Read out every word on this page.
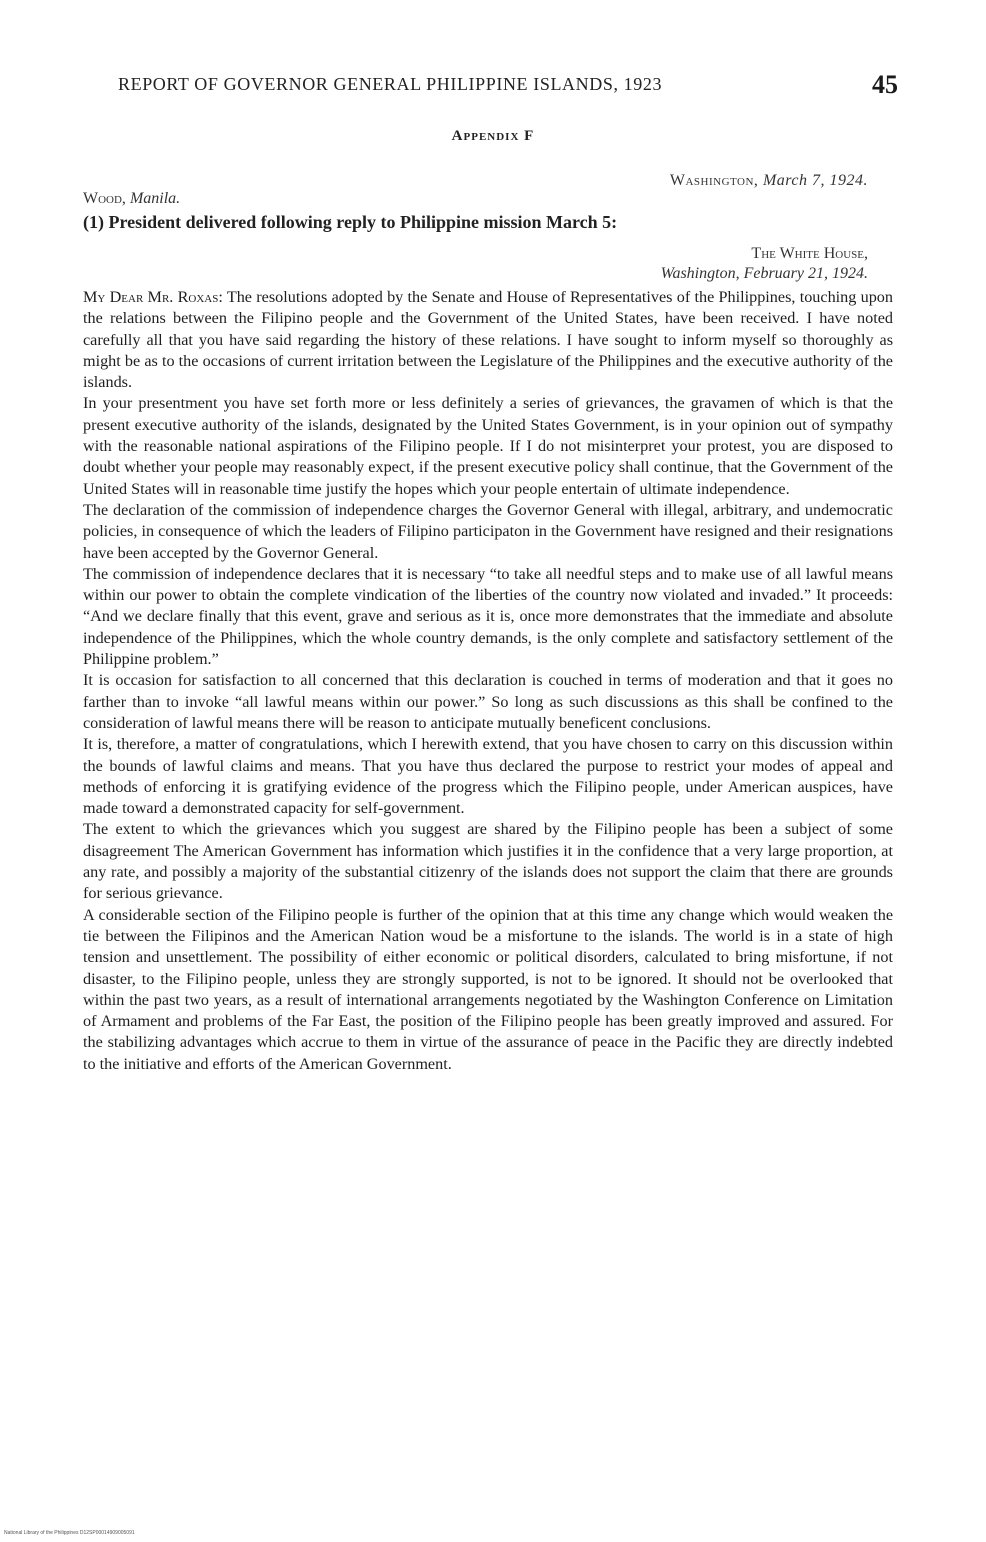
REPORT OF GOVERNOR GENERAL PHILIPPINE ISLANDS, 1923	45
Appendix F
Washington, March 7, 1924.
Wood, Manila.
(1) President delivered following reply to Philippine mission March 5:
The White House,
Washington, February 21, 1924.

My Dear Mr. Roxas: The resolutions adopted by the Senate and House of Representatives of the Philippines, touching upon the relations between the Filipino people and the Government of the United States, have been received. I have noted carefully all that you have said regarding the history of these relations. I have sought to inform myself so thoroughly as might be as to the occasions of current irritation between the Legislature of the Philippines and the executive authority of the islands.

In your presentment you have set forth more or less definitely a series of grievances, the gravamen of which is that the present executive authority of the islands, designated by the United States Government, is in your opinion out of sympathy with the reasonable national aspirations of the Filipino people. If I do not misinterpret your protest, you are disposed to doubt whether your people may reasonably expect, if the present executive policy shall continue, that the Government of the United States will in reasonable time justify the hopes which your people entertain of ultimate independence.

The declaration of the commission of independence charges the Governor General with illegal, arbitrary, and undemocratic policies, in consequence of which the leaders of Filipino participaton in the Government have resigned and their resignations have been accepted by the Governor General.

The commission of independence declares that it is necessary “to take all needful steps and to make use of all lawful means within our power to obtain the complete vindication of the liberties of the country now violated and invaded.” It proceeds: “And we declare finally that this event, grave and serious as it is, once more demonstrates that the immediate and absolute independence of the Philippines, which the whole country demands, is the only complete and satisfactory settlement of the Philippine problem.”

It is occasion for satisfaction to all concerned that this declaration is couched in terms of moderation and that it goes no farther than to invoke “all lawful means within our power.” So long as such discussions as this shall be confined to the consideration of lawful means there will be reason to anticipate mutually beneficent conclusions.

It is, therefore, a matter of congratulations, which I herewith extend, that you have chosen to carry on this discussion within the bounds of lawful claims and means. That you have thus declared the purpose to restrict your modes of appeal and methods of enforcing it is gratifying evidence of the progress which the Filipino people, under American auspices, have made toward a demonstrated capacity for self-government.

The extent to which the grievances which you suggest are shared by the Filipino people has been a subject of some disagreement The American Government has information which justifies it in the confidence that a very large proportion, at any rate, and possibly a majority of the substantial citizenry of the islands does not support the claim that there are grounds for serious grievance.

A considerable section of the Filipino people is further of the opinion that at this time any change which would weaken the tie between the Filipinos and the American Nation woud be a misfortune to the islands. The world is in a state of high tension and unsettlement. The possibility of either economic or political disorders, calculated to bring misfortune, if not disaster, to the Filipino people, unless they are strongly supported, is not to be ignored. It should not be overlooked that within the past two years, as a result of international arrangements negotiated by the Washington Conference on Limitation of Armament and problems of the Far East, the position of the Filipino people has been greatly improved and assured. For the stabilizing advantages which accrue to them in virtue of the assurance of peace in the Pacific they are directly indebted to the initiative and efforts of the American Government.

National Library of the Philippines D12SP00014909005091
